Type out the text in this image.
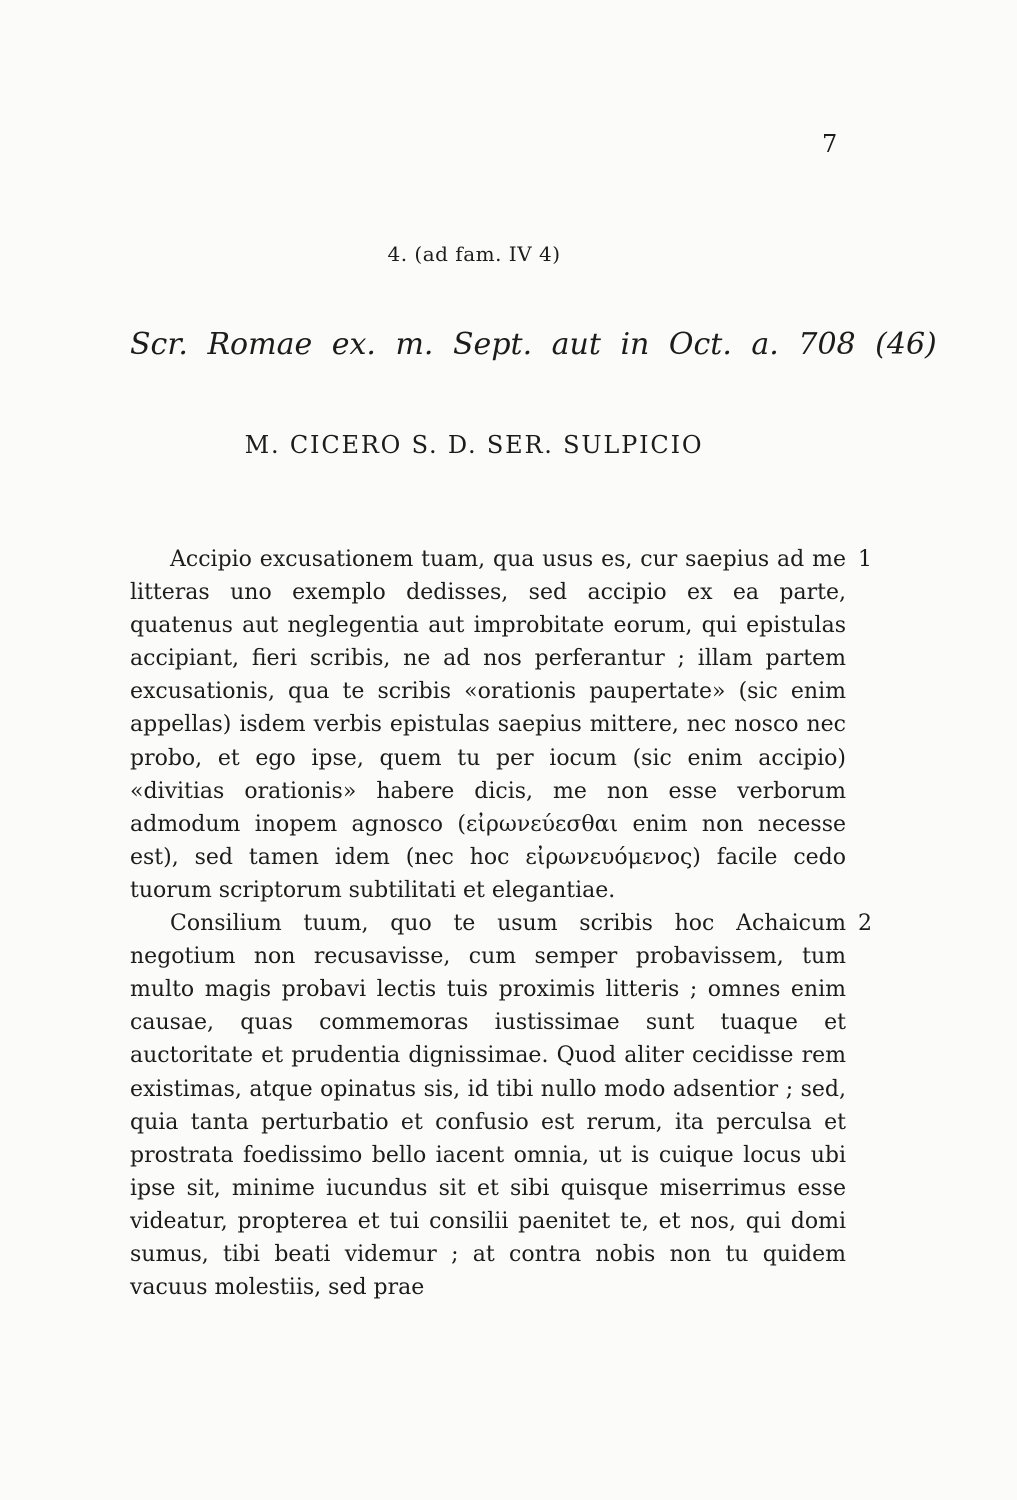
7
4. (ad fam. IV 4)
Scr. Romae ex. m. Sept. aut in Oct. a. 708 (46)
M. CICERO S. D. SER. SULPICIO

Accipio excusationem tuam, qua usus es, cur saepius ad me litteras uno exemplo dedisses, sed accipio ex ea parte, quatenus aut neglegentia aut improbitate eorum, qui epistulas accipiant, fieri scribis, ne ad nos perferantur ; illam partem excusationis, qua te scribis «orationis paupertate» (sic enim appellas) isdem verbis epistulas saepius mittere, nec nosco nec probo, et ego ipse, quem tu per iocum (sic enim accipio) «divitias orationis» habere dicis, me non esse verborum admodum inopem agnosco (εἰρωνεύεσθαι enim non necesse est), sed tamen idem (nec hoc εἰρωνευόμενος) facile cedo tuorum scriptorum subtilitati et elegantiae.
1

Consilium tuum, quo te usum scribis hoc Achaicum negotium non recusavisse, cum semper probavissem, tum multo magis probavi lectis tuis proximis litteris ; omnes enim causae, quas commemoras iustissimae sunt tuaque et auctoritate et prudentia dignissimae. Quod aliter cecidisse rem existimas, atque opinatus sis, id tibi nullo modo adsentior ; sed, quia tanta perturbatio et confusio est rerum, ita perculsa et prostrata foedissimo bello iacent omnia, ut is cuique locus ubi ipse sit, minime iucundus sit et sibi quisque miserrimus esse videatur, propterea et tui consilii paenitet te, et nos, qui domi sumus, tibi beati videmur ; at contra nobis non tu quidem vacuus molestiis, sed prae
2
